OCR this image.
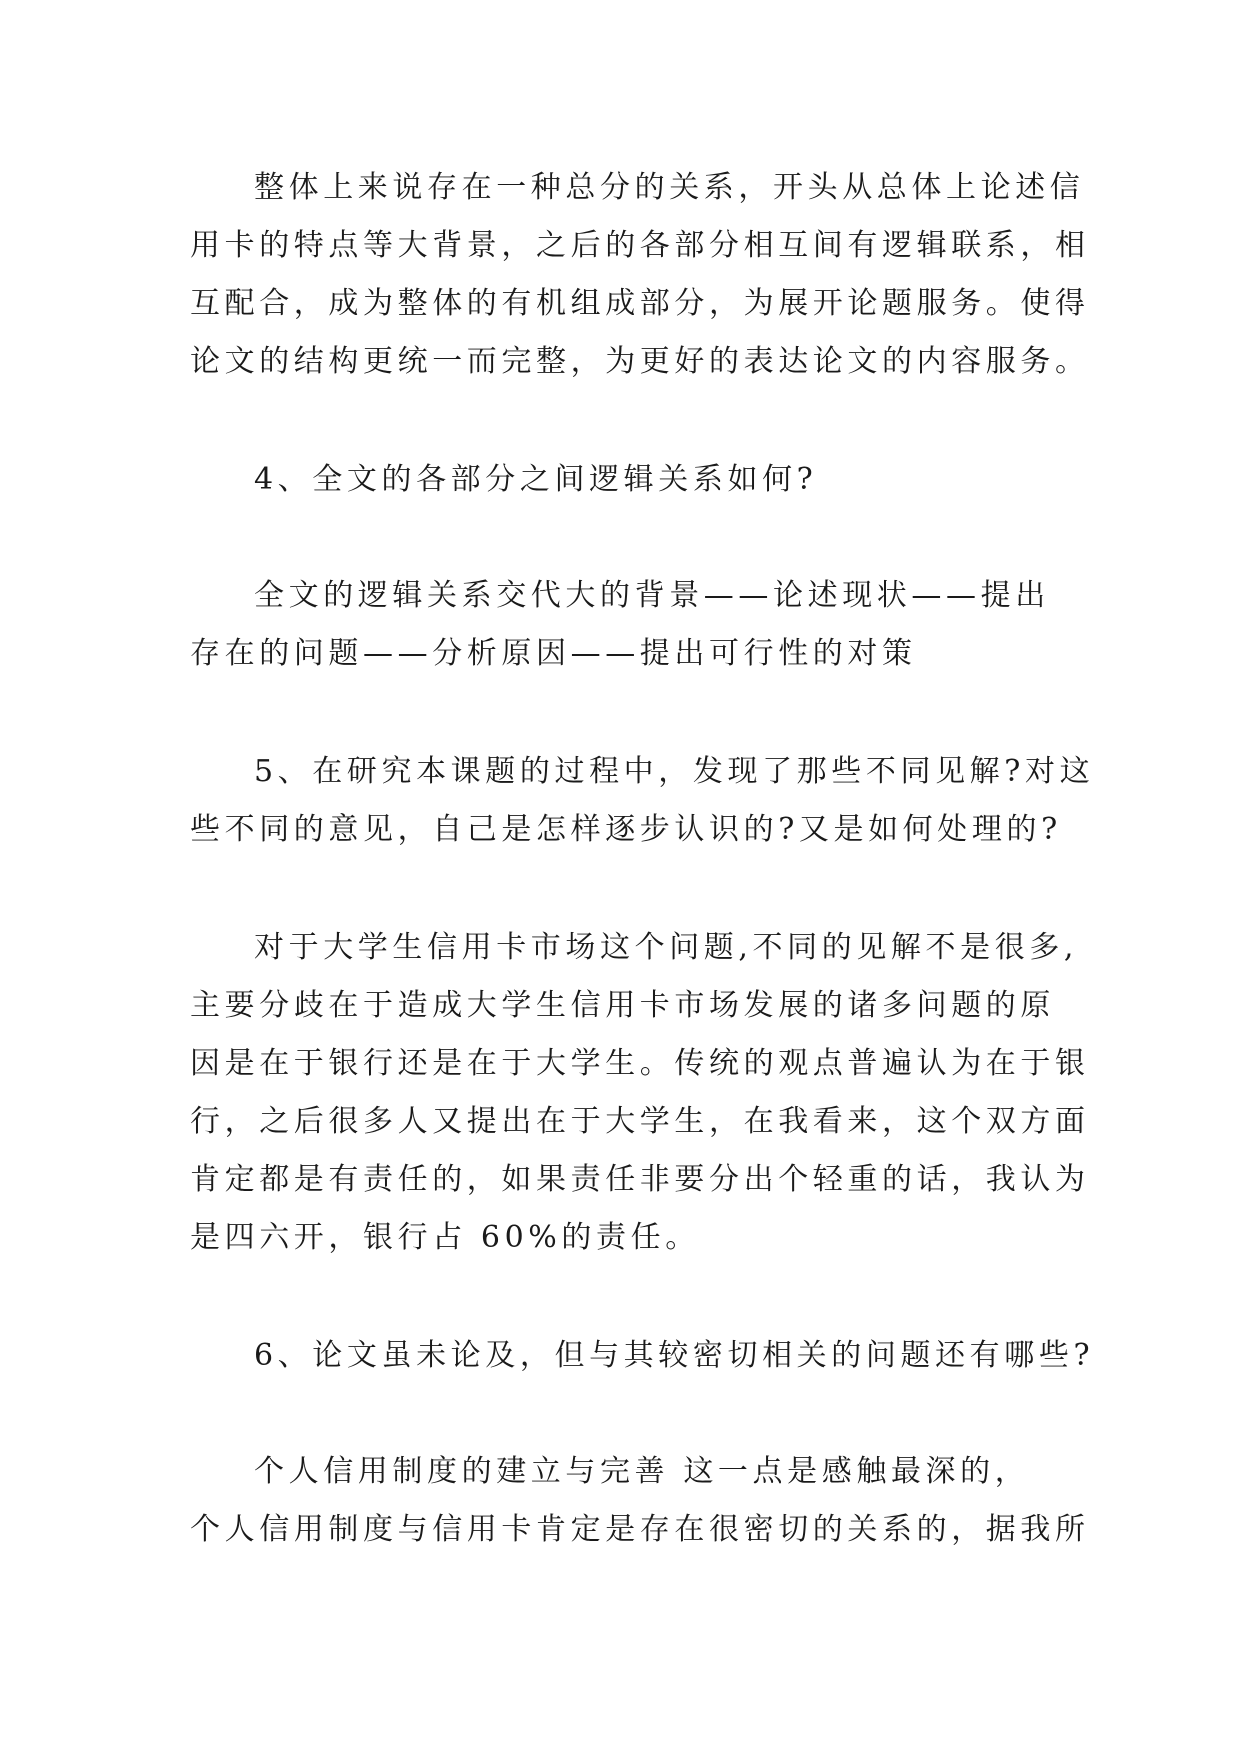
整体上来说存在一种总分的关系，开头从总体上论述信
用卡的特点等大背景，之后的各部分相互间有逻辑联系，相
互配合，成为整体的有机组成部分，为展开论题服务。使得
论文的结构更统一而完整，为更好的表达论文的内容服务。
4、全文的各部分之间逻辑关系如何?
全文的逻辑关系交代大的背景——论述现状——提出
存在的问题——分析原因——提出可行性的对策
5、在研究本课题的过程中，发现了那些不同见解?对这
些不同的意见，自己是怎样逐步认识的?又是如何处理的?
对于大学生信用卡市场这个问题,不同的见解不是很多,
主要分歧在于造成大学生信用卡市场发展的诸多问题的原
因是在于银行还是在于大学生。传统的观点普遍认为在于银
行，之后很多人又提出在于大学生，在我看来，这个双方面
肯定都是有责任的，如果责任非要分出个轻重的话，我认为
是四六开，银行占 60%的责任。
6、论文虽未论及，但与其较密切相关的问题还有哪些?
个人信用制度的建立与完善 这一点是感触最深的，
个人信用制度与信用卡肯定是存在很密切的关系的，据我所
